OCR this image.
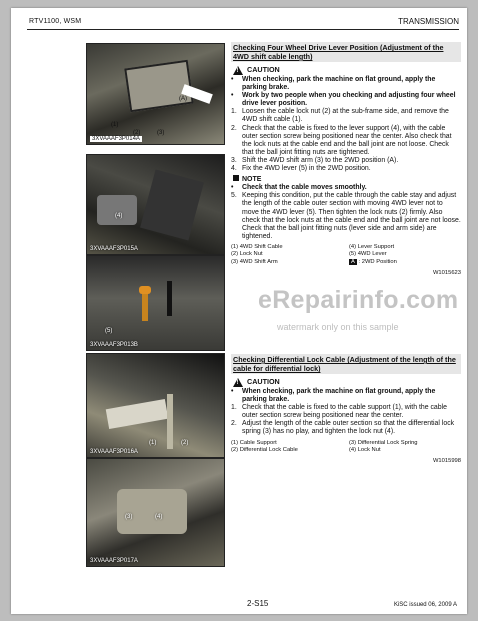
RTV1100, WSM	TRANSMISSION
(A)
(1)
(2)	(3)
3XVAAAF3P014A
(4)
3XVAAAF3P015A
(5)
3XVAAAF3P013B
(1)	(2)
3XVAAAF3P016A
(3)	(4)
3XVAAAF3P017A
Checking Four Wheel Drive Lever Position (Adjustment of the 4WD shift cable length)
!
CAUTION
•	When checking, park the machine on flat ground, apply the parking brake.
•	Work by two people when you checking and adjusting four wheel drive lever position.
1. Loosen the cable lock nut (2) at the sub-frame side, and remove the 4WD shift cable (1).
2. Check that the cable is fixed to the lever support (4), with the cable outer section screw being positioned near the center. Also check that the lock nuts at the cable end and the ball joint are not loose. Check that the ball joint fitting nuts are tightened.
3. Shift the 4WD shift arm (3) to the 2WD position (A).
4. Fix the 4WD lever (5) in the 2WD position.
NOTE
•	Check that the cable moves smoothly.
5. Keeping this condition, put the cable through the cable stay and adjust the length of the cable outer section with moving 4WD lever not to move the 4WD lever (5). Then tighten the lock nuts (2) firmly. Also check that the lock nuts at the cable end and the ball joint are not loose. Check that the ball joint fitting nuts (lever side and arm side) are tightened.
(1) 4WD Shift Cable	(4) Lever Support
(2) Lock Nut	(5) 4WD Lever
(3) 4WD Shift Arm	A : 2WD Position
W1015623
Checking Differential Lock Cable (Adjustment of the length of the cable for differential lock)
!
CAUTION
•	When checking, park the machine on flat ground, apply the parking brake.
1. Check that the cable is fixed to the cable support (1), with the cable outer section screw being positioned near the center.
2. Adjust the length of the cable outer section so that the differential lock spring (3) has no play, and tighten the lock nut (4).
(1) Cable Support	(3) Differential Lock Spring
(2) Differential Lock Cable	(4) Lock Nut
W1015998
eRepairinfo.com
watermark only on this sample
2-S15	KiSC issued 06, 2009 A
